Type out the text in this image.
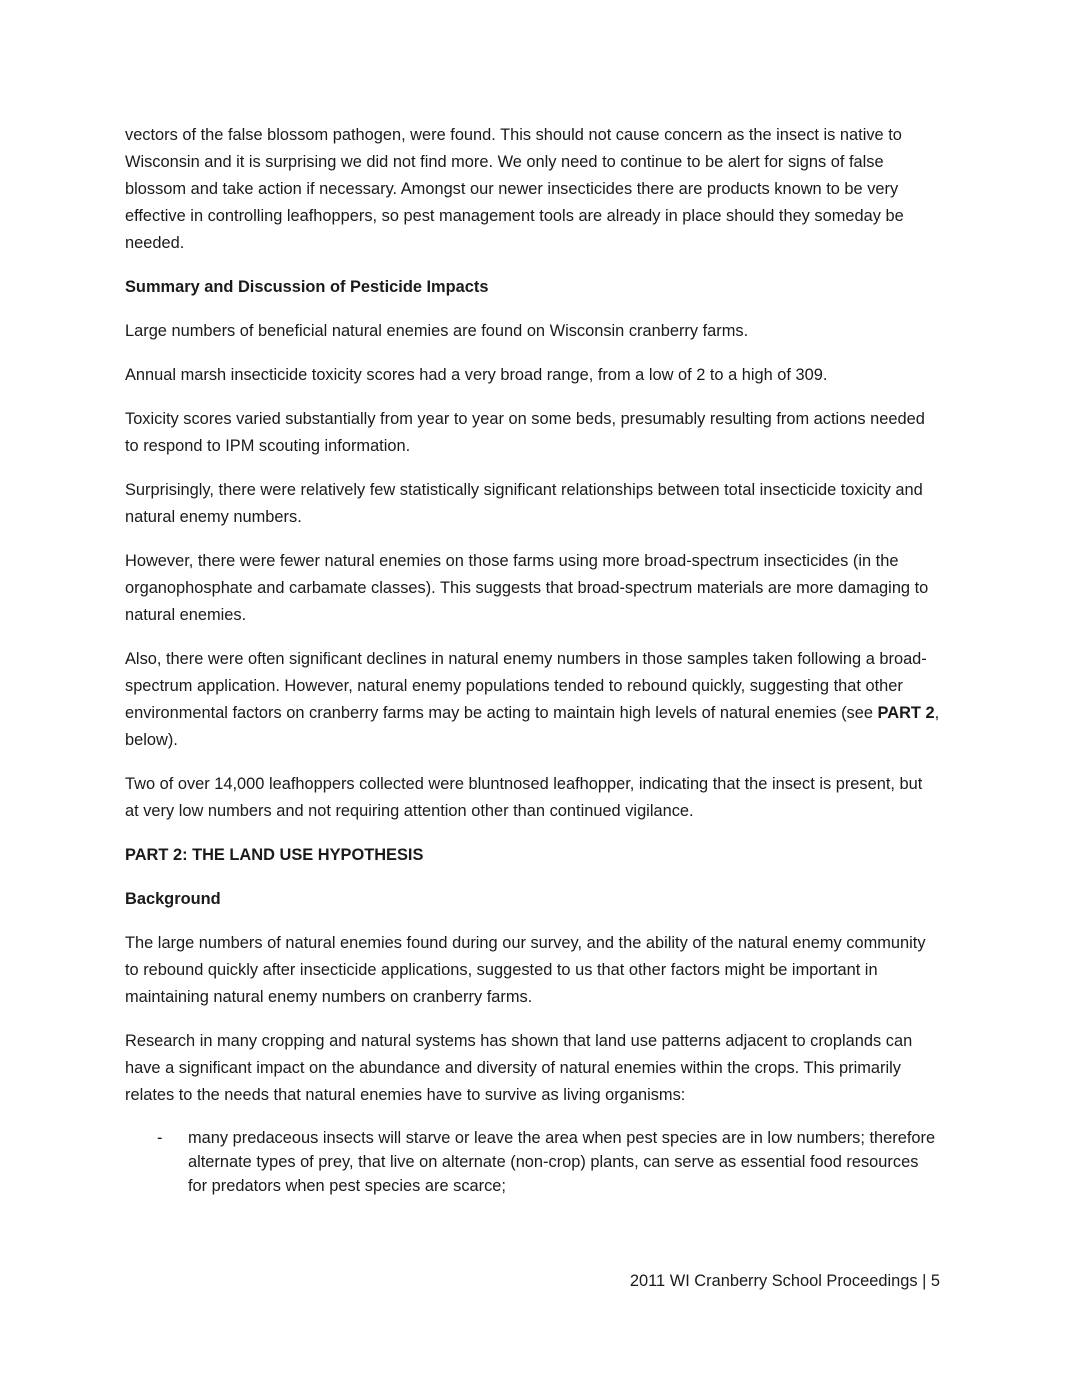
vectors of the false blossom pathogen, were found. This should not cause concern as the insect is native to Wisconsin and it is surprising we did not find more. We only need to continue to be alert for signs of false blossom and take action if necessary. Amongst our newer insecticides there are products known to be very effective in controlling leafhoppers, so pest management tools are already in place should they someday be needed.

Summary and Discussion of Pesticide Impacts

Large numbers of beneficial natural enemies are found on Wisconsin cranberry farms.

Annual marsh insecticide toxicity scores had a very broad range, from a low of 2 to a high of 309.

Toxicity scores varied substantially from year to year on some beds, presumably resulting from actions needed to respond to IPM scouting information.

Surprisingly, there were relatively few statistically significant relationships between total insecticide toxicity and natural enemy numbers.

However, there were fewer natural enemies on those farms using more broad-spectrum insecticides (in the organophosphate and carbamate classes). This suggests that broad-spectrum materials are more damaging to natural enemies.

Also, there were often significant declines in natural enemy numbers in those samples taken following a broad-spectrum application. However, natural enemy populations tended to rebound quickly, suggesting that other environmental factors on cranberry farms may be acting to maintain high levels of natural enemies (see PART 2, below).

Two of over 14,000 leafhoppers collected were bluntnosed leafhopper, indicating that the insect is present, but at very low numbers and not requiring attention other than continued vigilance.

PART 2: THE LAND USE HYPOTHESIS

Background

The large numbers of natural enemies found during our survey, and the ability of the natural enemy community to rebound quickly after insecticide applications, suggested to us that other factors might be important in maintaining natural enemy numbers on cranberry farms.

Research in many cropping and natural systems has shown that land use patterns adjacent to croplands can have a significant impact on the abundance and diversity of natural enemies within the crops. This primarily relates to the needs that natural enemies have to survive as living organisms:

- many predaceous insects will starve or leave the area when pest species are in low numbers; therefore alternate types of prey, that live on alternate (non-crop) plants, can serve as essential food resources for predators when pest species are scarce;
2011 WI Cranberry School Proceedings | 5
